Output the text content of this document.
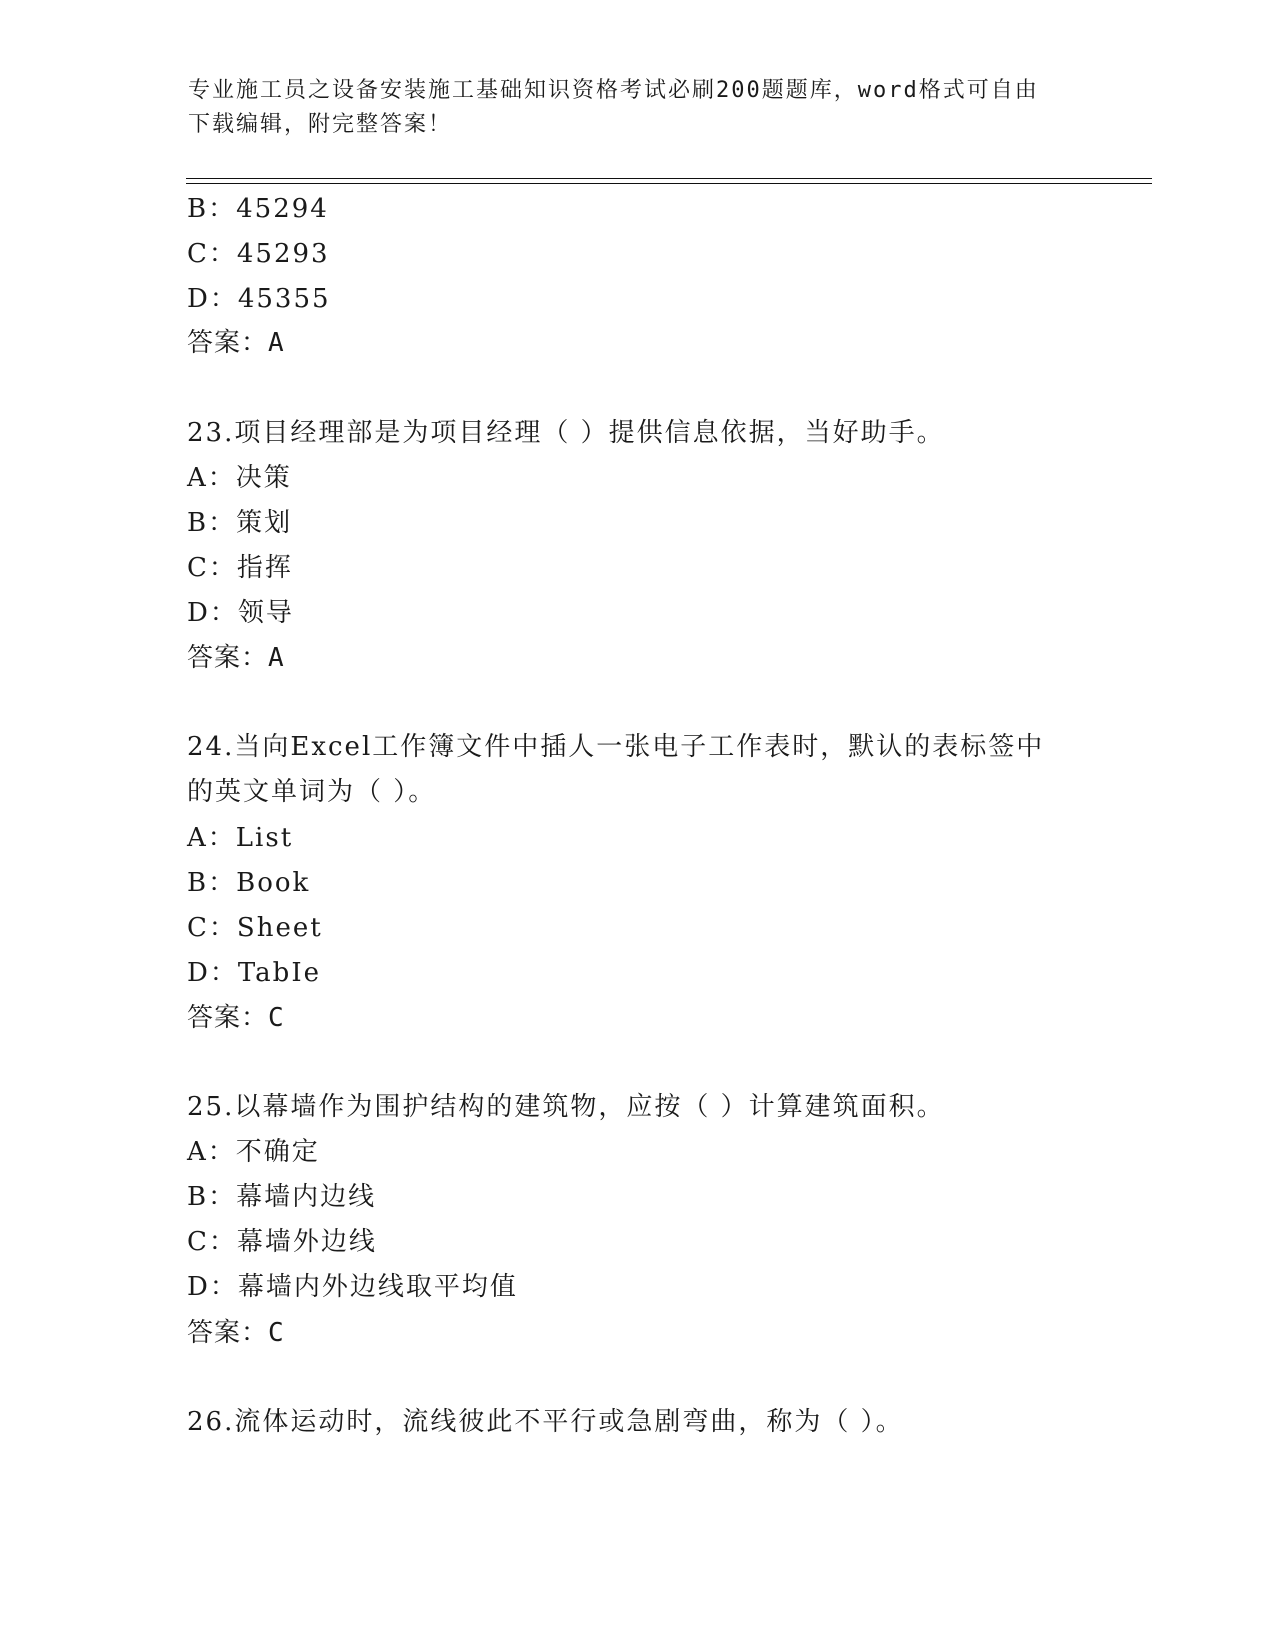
专业施工员之设备安装施工基础知识资格考试必刷200题题库，word格式可自由
下载编辑，附完整答案！
B：45294
C：45293
D：45355
答案：A
23.项目经理部是为项目经理（ ）提供信息依据，当好助手。
A：决策
B：策划
C：指挥
D：领导
答案：A
24.当向Excel工作簿文件中插人一张电子工作表时，默认的表标签中
的英文单词为（ ）。
A：List
B：Book
C：Sheet
D：TabIe
答案：C
25.以幕墙作为围护结构的建筑物，应按（ ）计算建筑面积。
A：不确定
B：幕墙内边线
C：幕墙外边线
D：幕墙内外边线取平均值
答案：C
26.流体运动时，流线彼此不平行或急剧弯曲，称为（ ）。
